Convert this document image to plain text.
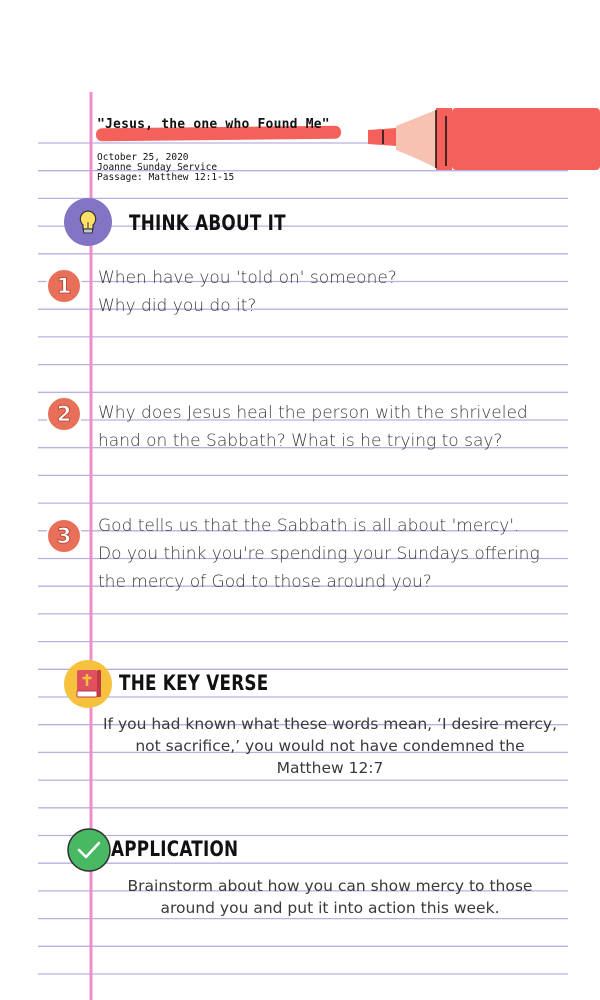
"Jesus, the one who Found Me"
October 25, 2020
Joanne Sunday Service
Passage: Matthew 12:1-15
THINK ABOUT IT
1 When have you 'told on' someone?
Why did you do it?
2 Why does Jesus heal the person with the shriveled
hand on the Sabbath? What is he trying to say?
3 God tells us that the Sabbath is all about 'mercy'.
Do you think you're spending your Sundays offering
the mercy of God to those around you?
THE KEY VERSE
If you had known what these words mean, ‘I desire mercy,
not sacrifice,’ you would not have condemned the
Matthew 12:7
APPLICATION
Brainstorm about how you can show mercy to those
around you and put it into action this week.
